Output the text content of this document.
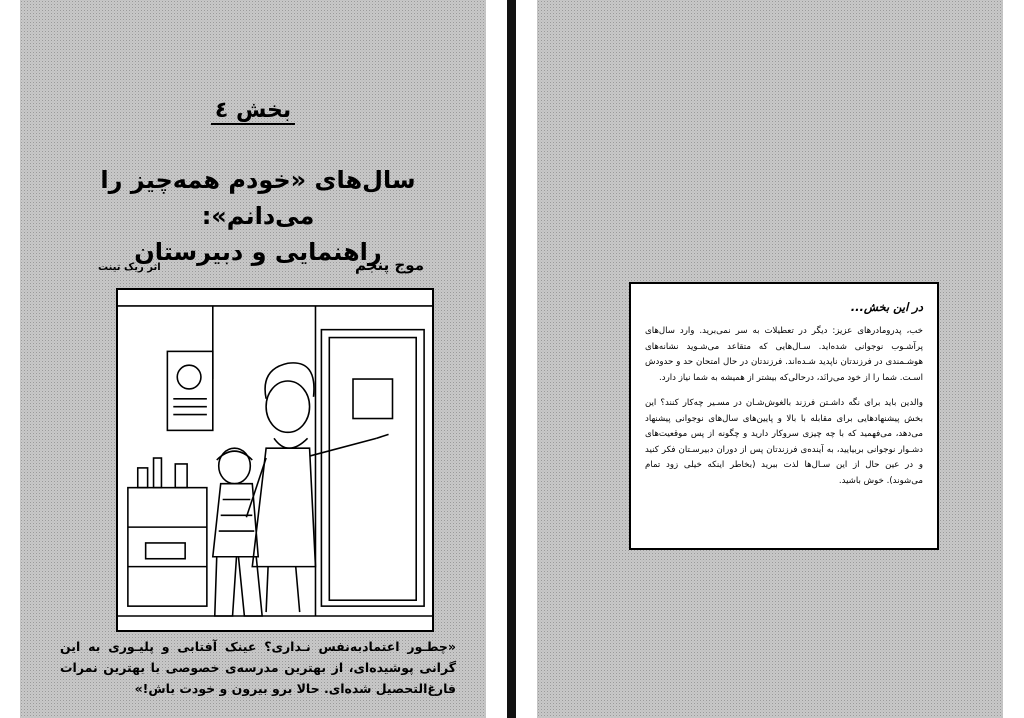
بخش ٤
سال‌های «خودم همه‌چیز را می‌دانم»:
راهنمایی و دبیرستان
موج پنجم
اثر ریک تینت
«چطـور اعتمادبه‌نفس نـداری؟ عینک آفتابی و پلیـوری به این گرانی پوشیده‌ای، از بهترین مدرسه‌ی خصوصی با بهترین نمرات فارغ‌التحصیل شده‌ای. حالا برو بیرون و خودت باش!»
در این بخش...

خب، پدرومادرهای عزیز: دیگر در تعطیلات به سر نمی‌برید. وارد سال‌های پرآشـوب نوجوانی شده‌اید. سـال‌هایی که متقاعد می‌شـوید نشانه‌های هوشـمندی در فرزندتان ناپدید شـده‌اند. فرزندتان در حال امتحان حد و حدودش اسـت. شما را از خود می‌رانَد، درحالی‌که بیشتر از همیشه به شما نیاز دارد.

والدین باید برای نگه داشـتن فرزند بالغوش‌شـان در مسـیر چه‌کار کنند؟ این بخش پیشنهادهایی برای مقابله با بالا و پایین‌های سال‌های نوجوانی پیشنهاد می‌دهد، می‌فهمید که با چه چیزی سروکار دارید و چگونه از پس موقعیت‌های دشـوار نوجوانی بربیایید، به آینده‌ی فرزندتان پس از دوران دبیرسـتان فکر کنید و در عین حال از این سـال‌ها لذت ببرید (بخاطر اینکه خیلی زود تمام می‌شوند). خوش باشید.
